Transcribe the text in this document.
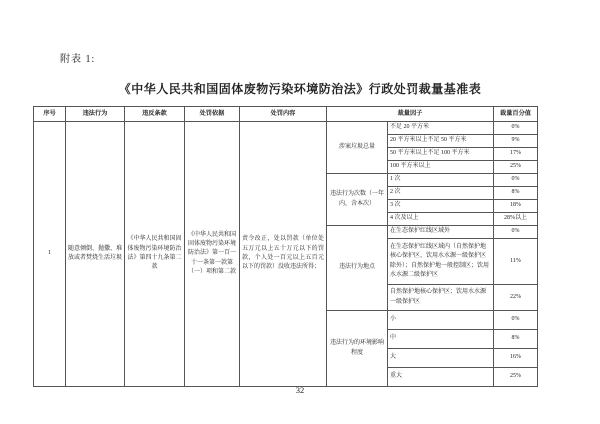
附表 1:
《中华人民共和国固体废物污染环境防治法》行政处罚裁量基准表
序号	违法行为	违反条款	处罚依据	处罚内容	裁量因子		裁量百分值
1	随意倾倒、抛撒、堆放或者焚烧生活垃圾	《中华人民共和国固体废物污染环境防治法》第四十九条第二款	《中华人民共和国固体废物污染环境防治法》第一百一十一条第一款第（一）项和第二款	责令改正，处以罚款（单位处五万元以上五十万元以下的罚款，个人处一百元以上五百元以下的罚款）没收违法所得；	涉案垃圾总量	不足 20 平方米	0%
						20 平方米以上不足 50 平方米	9%
						50 平方米以上不足 100 平方米	17%
						100 平方米以上	25%
					违法行为次数（一年内，含本次）	1 次	0%
						2 次	8%
						3 次	18%
						4 次及以上	28%以上
					违法行为地点	在生态保护红线区域外	0%
						在生态保护红线区域内（自然保护地核心保护区、饮用水水源一级保护区除外）；自然保护地一般控制区；饮用水水源二级保护区	11%
						自然保护地核心保护区；饮用水水源一级保护区	22%
					违法行为的环境影响程度	小	0%
						中	8%
						大	16%
						重大	25%
32
